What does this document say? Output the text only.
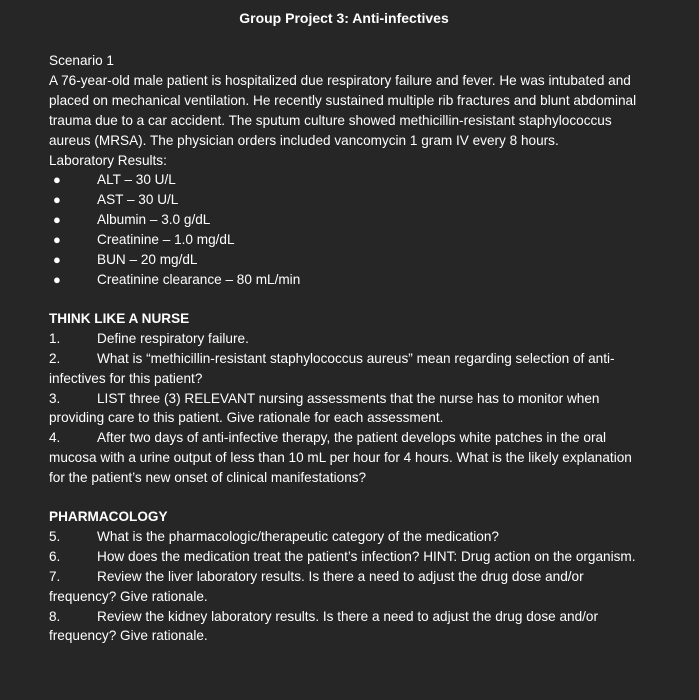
Group Project 3: Anti-infectives
Scenario 1
A 76-year-old male patient is hospitalized due respiratory failure and fever. He was intubated and placed on mechanical ventilation. He recently sustained multiple rib fractures and blunt abdominal trauma due to a car accident. The sputum culture showed methicillin-resistant staphylococcus aureus (MRSA). The physician orders included vancomycin 1 gram IV every 8 hours.
Laboratory Results:
●	ALT – 30 U/L
●	AST – 30 U/L
●	Albumin – 3.0 g/dL
●	Creatinine – 1.0 mg/dL
●	BUN – 20 mg/dL
●	Creatinine clearance – 80 mL/min
THINK LIKE A NURSE
1.	Define respiratory failure.
2.	What is “methicillin-resistant staphylococcus aureus” mean regarding selection of anti-infectives for this patient?
3.	LIST three (3) RELEVANT nursing assessments that the nurse has to monitor when providing care to this patient. Give rationale for each assessment.
4.	After two days of anti-infective therapy, the patient develops white patches in the oral mucosa with a urine output of less than 10 mL per hour for 4 hours. What is the likely explanation for the patient’s new onset of clinical manifestations?
PHARMACOLOGY
5.	What is the pharmacologic/therapeutic category of the medication?
6.	How does the medication treat the patient’s infection? HINT: Drug action on the organism.
7.	Review the liver laboratory results. Is there a need to adjust the drug dose and/or frequency? Give rationale.
8.	Review the kidney laboratory results. Is there a need to adjust the drug dose and/or frequency? Give rationale.
